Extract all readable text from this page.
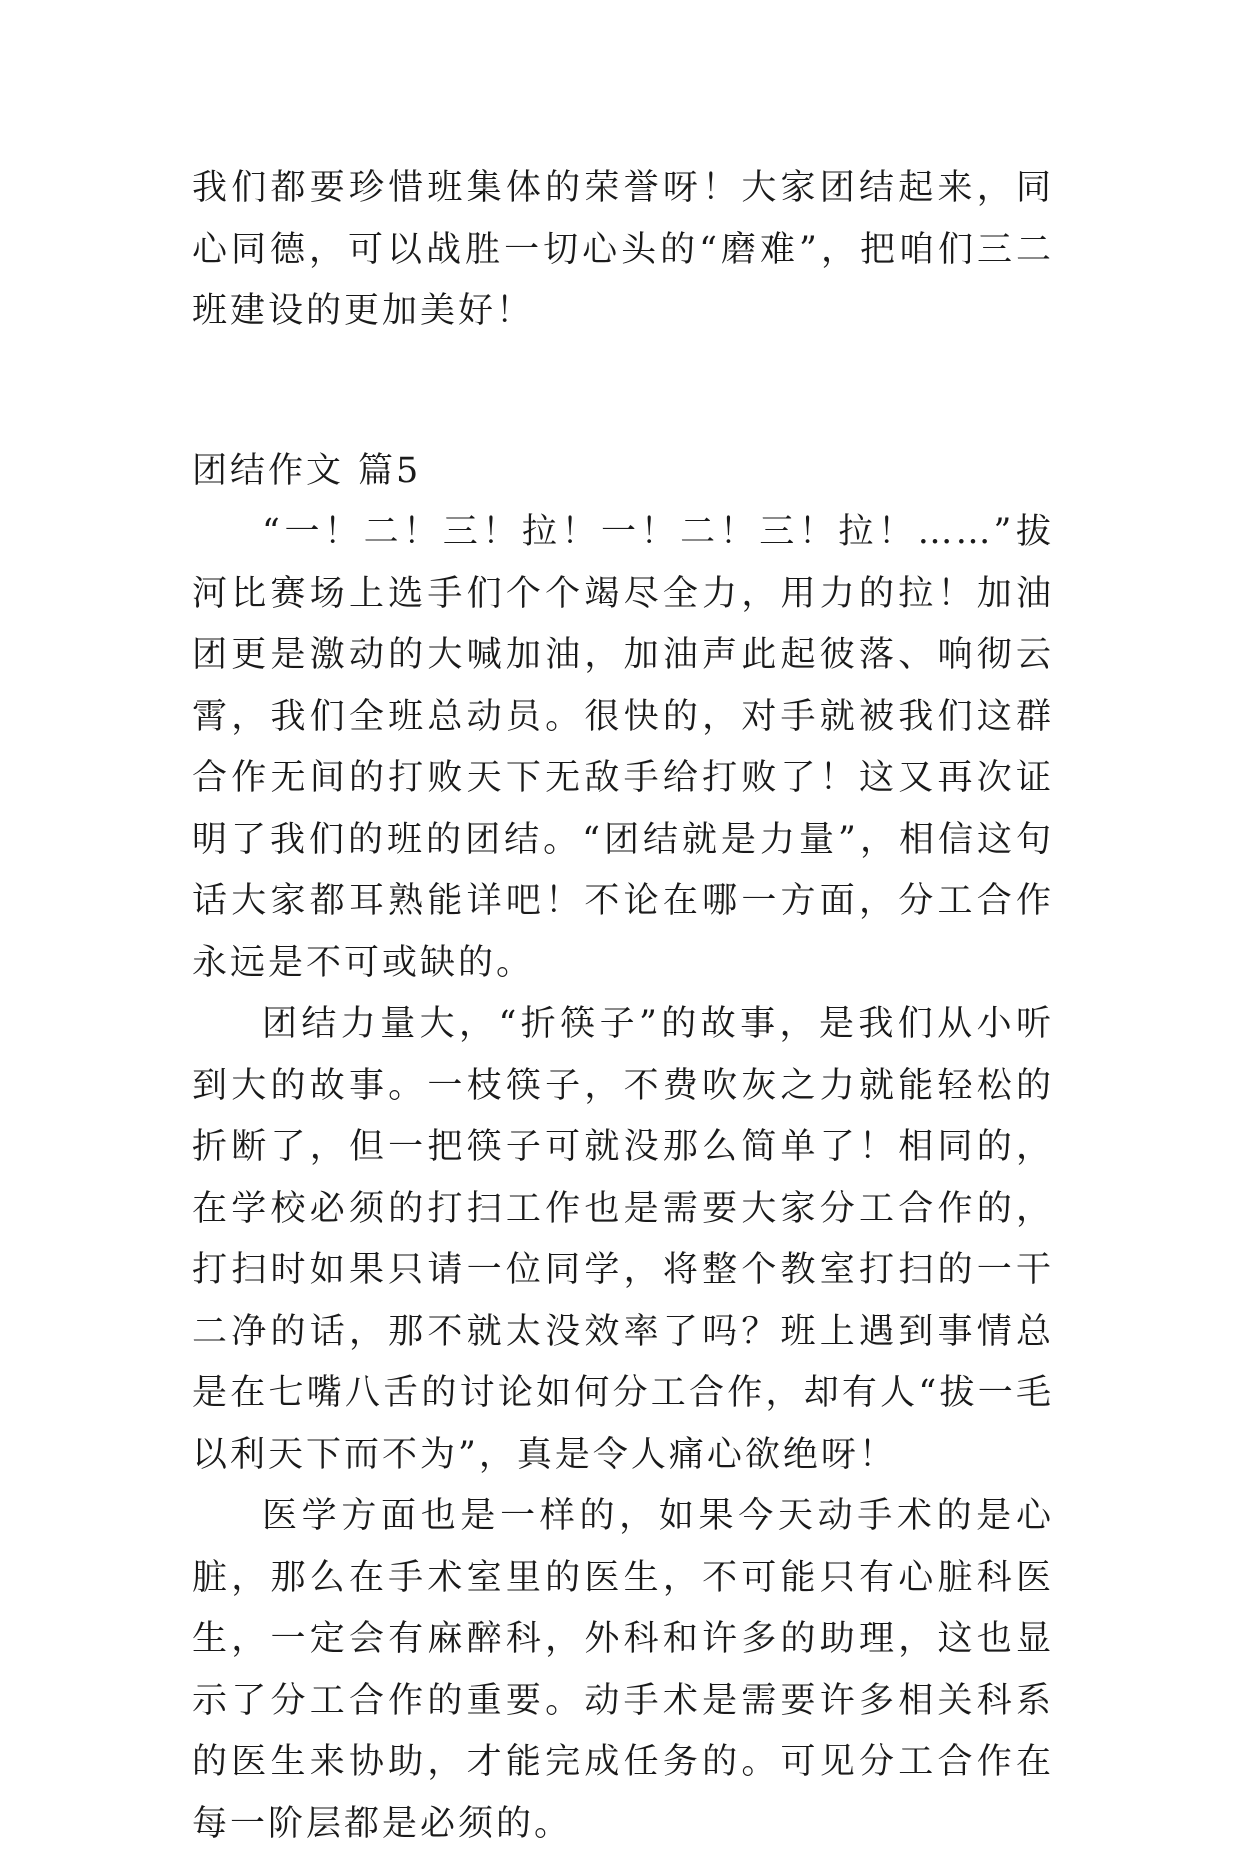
我们都要珍惜班集体的荣誉呀！大家团结起来，同心同德，可以战胜一切心头的“磨难”，把咱们三二班建设的更加美好！

团结作文 篇5

“一！二！三！拉！一！二！三！拉！……”拔河比赛场上选手们个个竭尽全力，用力的拉！加油团更是激动的大喊加油，加油声此起彼落、响彻云霄，我们全班总动员。很快的，对手就被我们这群合作无间的打败天下无敌手给打败了！这又再次证明了我们的班的团结。“团结就是力量”，相信这句话大家都耳熟能详吧！不论在哪一方面，分工合作永远是不可或缺的。

团结力量大，“折筷子”的故事，是我们从小听到大的故事。一枝筷子，不费吹灰之力就能轻松的折断了，但一把筷子可就没那么简单了！相同的，在学校必须的打扫工作也是需要大家分工合作的，打扫时如果只请一位同学，将整个教室打扫的一干二净的话，那不就太没效率了吗？班上遇到事情总是在七嘴八舌的讨论如何分工合作，却有人“拔一毛以利天下而不为”，真是令人痛心欲绝呀！

医学方面也是一样的，如果今天动手术的是心脏，那么在手术室里的医生，不可能只有心脏科医生，一定会有麻醉科，外科和许多的助理，这也显示了分工合作的重要。动手术是需要许多相关科系的医生来协助，才能完成任务的。可见分工合作在每一阶层都是必须的。
